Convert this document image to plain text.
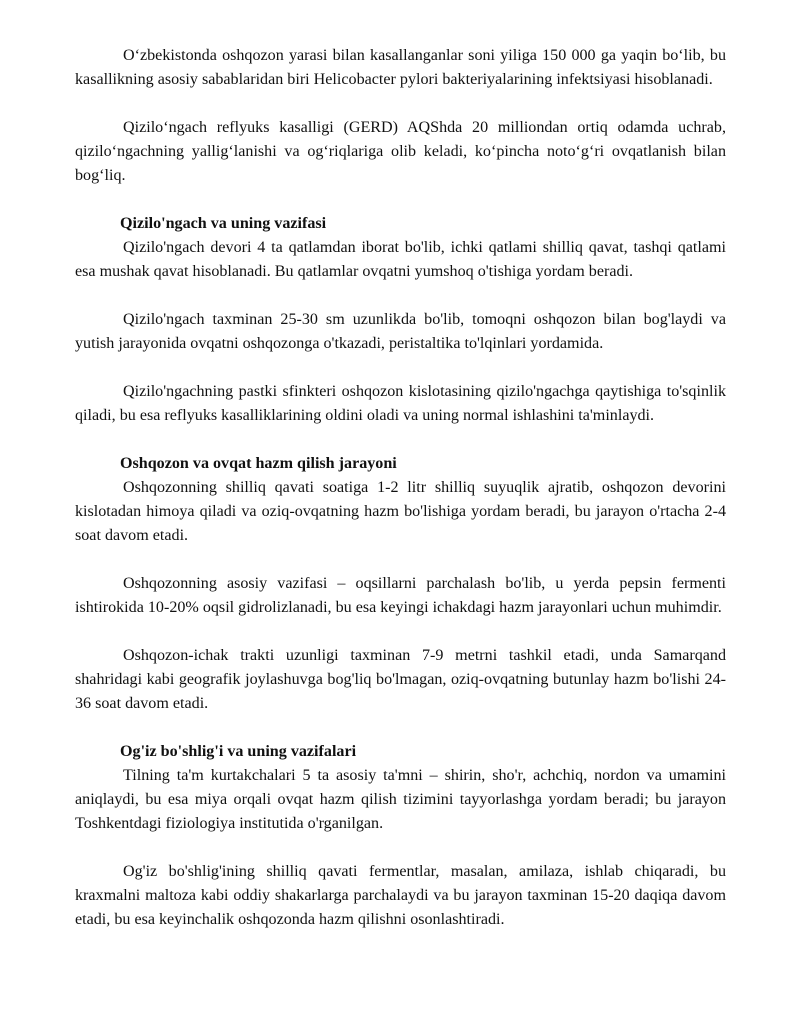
O‘zbekistonda oshqozon yarasi bilan kasallanganlar soni yiliga 150 000 ga yaqin bo‘lib, bu kasallikning asosiy sabablaridan biri Helicobacter pylori bakteriyalarining infektsiyasi hisoblanadi.

Qizilo‘ngach reflyuks kasalligi (GERD) AQShda 20 milliondan ortiq odamda uchrab, qizilo‘ngachning yallig‘lanishi va og‘riqlariga olib keladi, ko‘pincha noto‘g‘ri ovqatlanish bilan bog‘liq.

Qizilo'ngach va uning vazifasi

Qizilo'ngach devori 4 ta qatlamdan iborat bo'lib, ichki qatlami shilliq qavat, tashqi qatlami esa mushak qavat hisoblanadi. Bu qatlamlar ovqatni yumshoq o'tishiga yordam beradi.

Qizilo'ngach taxminan 25-30 sm uzunlikda bo'lib, tomoqni oshqozon bilan bog'laydi va yutish jarayonida ovqatni oshqozonga o'tkazadi, peristaltika to'lqinlari yordamida.

Qizilo'ngachning pastki sfinkteri oshqozon kislotasining qizilo'ngachga qaytishiga to'sqinlik qiladi, bu esa reflyuks kasalliklarining oldini oladi va uning normal ishlashini ta'minlaydi.

Oshqozon va ovqat hazm qilish jarayoni

Oshqozonning shilliq qavati soatiga 1-2 litr shilliq suyuqlik ajratib, oshqozon devorini kislotadan himoya qiladi va oziq-ovqatning hazm bo'lishiga yordam beradi, bu jarayon o'rtacha 2-4 soat davom etadi.

Oshqozonning asosiy vazifasi – oqsillarni parchalash bo'lib, u yerda pepsin fermenti ishtirokida 10-20% oqsil gidrolizlanadi, bu esa keyingi ichakdagi hazm jarayonlari uchun muhimdir.

Oshqozon-ichak trakti uzunligi taxminan 7-9 metrni tashkil etadi, unda Samarqand shahridagi kabi geografik joylashuvga bog'liq bo'lmagan, oziq-ovqatning butunlay hazm bo'lishi 24-36 soat davom etadi.

Og'iz bo'shlig'i va uning vazifalari

Tilning ta'm kurtakchalari 5 ta asosiy ta'mni – shirin, sho'r, achchiq, nordon va umamini aniqlaydi, bu esa miya orqali ovqat hazm qilish tizimini tayyorlashga yordam beradi; bu jarayon Toshkentdagi fiziologiya institutida o'rganilgan.

Og'iz bo'shlig'ining shilliq qavati fermentlar, masalan, amilaza, ishlab chiqaradi, bu kraxmalni maltoza kabi oddiy shakarlarga parchalaydi va bu jarayon taxminan 15-20 daqiqa davom etadi, bu esa keyinchalik oshqozonda hazm qilishni osonlashtiradi.
